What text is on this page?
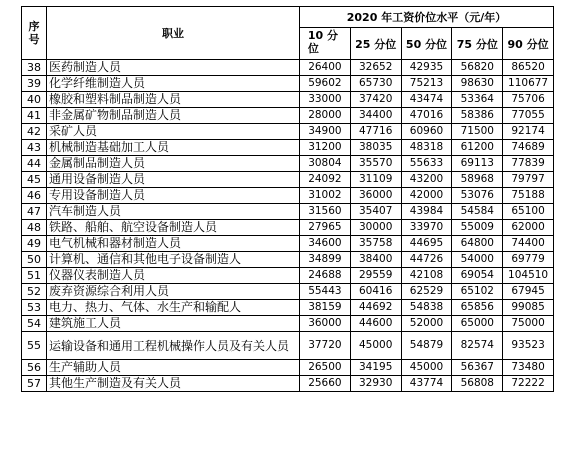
序号	职业	2020 年工资价位水平（元/年）				

		10 分位	25 分位	50 分位	75 分位	90 分位
38	医药制造人员	26400	32652	42935	56820	86520
39	化学纤维制造人员	59602	65730	75213	98630	110677
40	橡胶和塑料制品制造人员	33000	37420	43474	53364	75706
41	非金属矿物制品制造人员	28000	34400	47016	58386	77055
42	采矿人员	34900	47716	60960	71500	92174
43	机械制造基础加工人员	31200	38035	48318	61200	74689
44	金属制品制造人员	30804	35570	55633	69113	77839
45	通用设备制造人员	24092	31109	43200	58968	79797
46	专用设备制造人员	31002	36000	42000	53076	75188
47	汽车制造人员	31560	35407	43984	54584	65100
48	铁路、船舶、航空设备制造人员	27965	30000	33970	55009	62000
49	电气机械和器材制造人员	34600	35758	44695	64800	74400
50	计算机、通信和其他电子设备制造人	34899	38400	44726	54000	69779
51	仪器仪表制造人员	24688	29559	42108	69054	104510
52	废弃资源综合利用人员	55443	60416	62529	65102	67945
53	电力、热力、气体、水生产和输配人	38159	44692	54838	65856	99085
54	建筑施工人员	36000	44600	52000	65000	75000
55	运输设备和通用工程机械操作人员及有关人员	37720	45000	54879	82574	93523
56	生产辅助人员	26500	34195	45000	56367	73480
57	其他生产制造及有关人员	25660	32930	43774	56808	72222
